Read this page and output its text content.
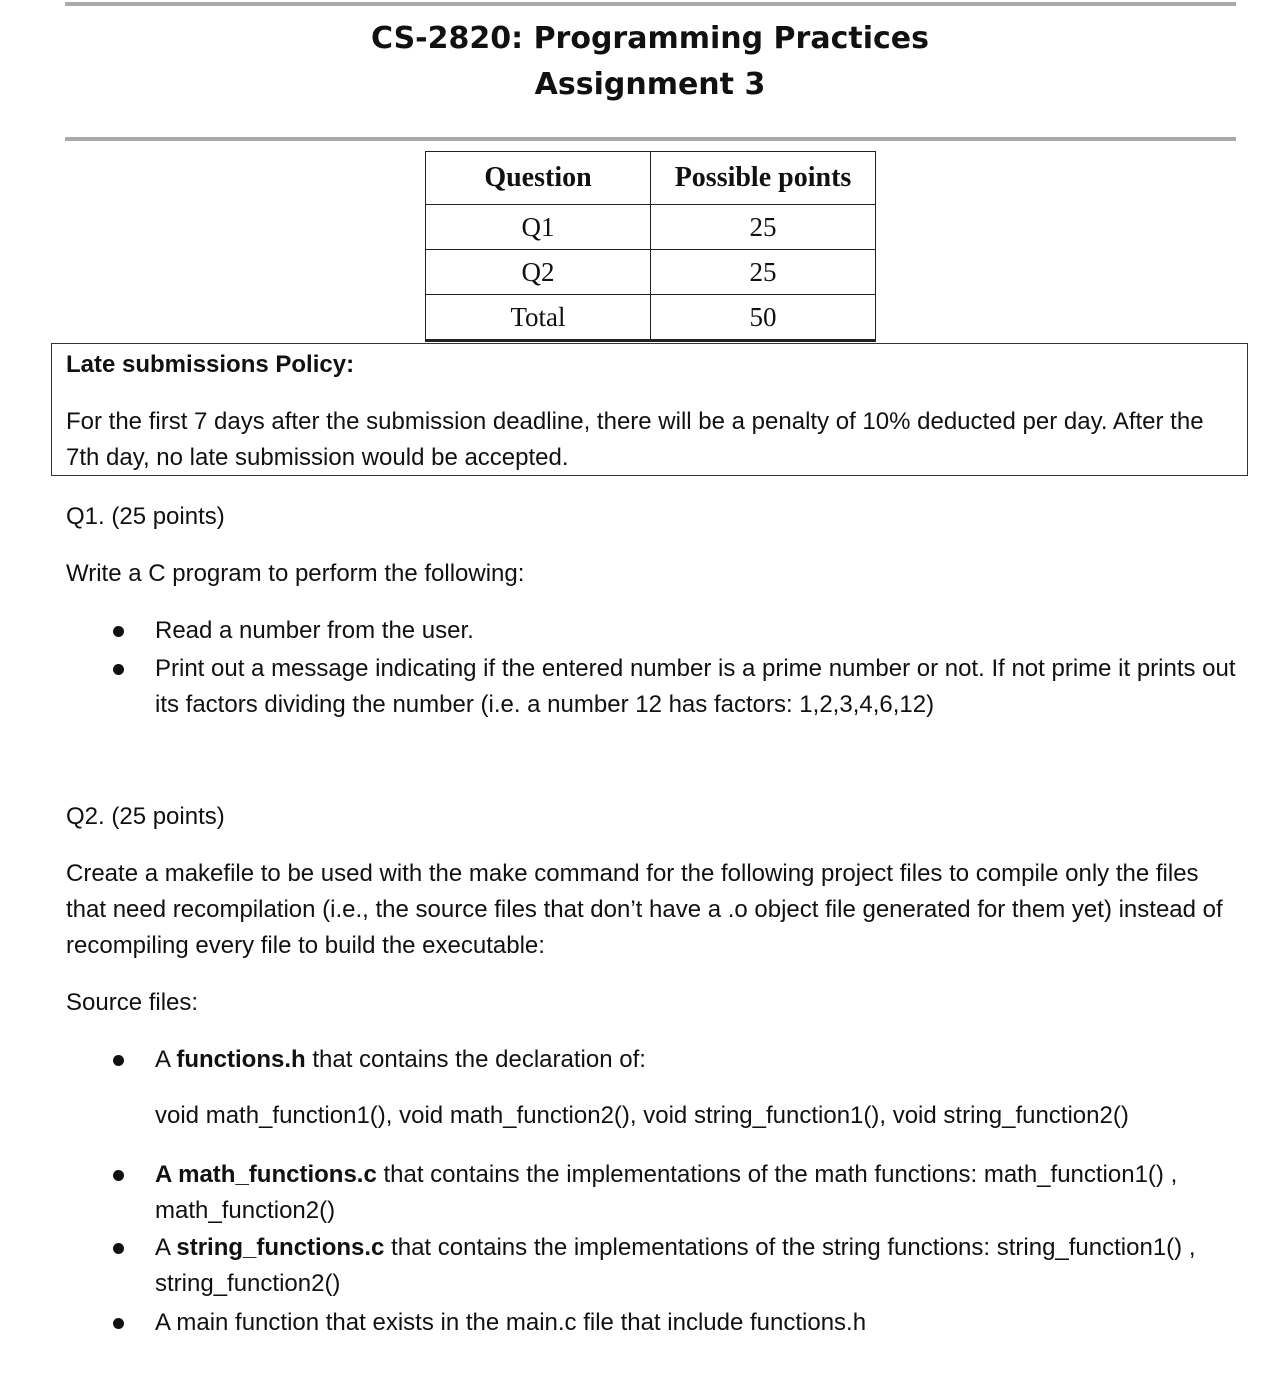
CS-2820: Programming Practices
Assignment 3
Question	Possible points
Q1	25
Q2	25
Total	50
Late submissions Policy:
For the first 7 days after the submission deadline, there will be a penalty of 10% deducted per day. After the 7th day, no late submission would be accepted.
Q1. (25 points)
Write a C program to perform the following:
Read a number from the user.
Print out a message indicating if the entered number is a prime number or not. If not prime it prints out its factors dividing the number (i.e. a number 12 has factors: 1,2,3,4,6,12)
Q2. (25 points)
Create a makefile to be used with the make command for the following project files to compile only the files that need recompilation (i.e., the source files that don’t have a .o object file generated for them yet) instead of recompiling every file to build the executable:
Source files:
A functions.h that contains the declaration of:
void math_function1(), void math_function2(), void string_function1(), void string_function2()
A math_functions.c that contains the implementations of the math functions: math_function1() , math_function2()
A string_functions.c that contains the implementations of the string functions: string_function1() , string_function2()
A main function that exists in the main.c file that include functions.h
